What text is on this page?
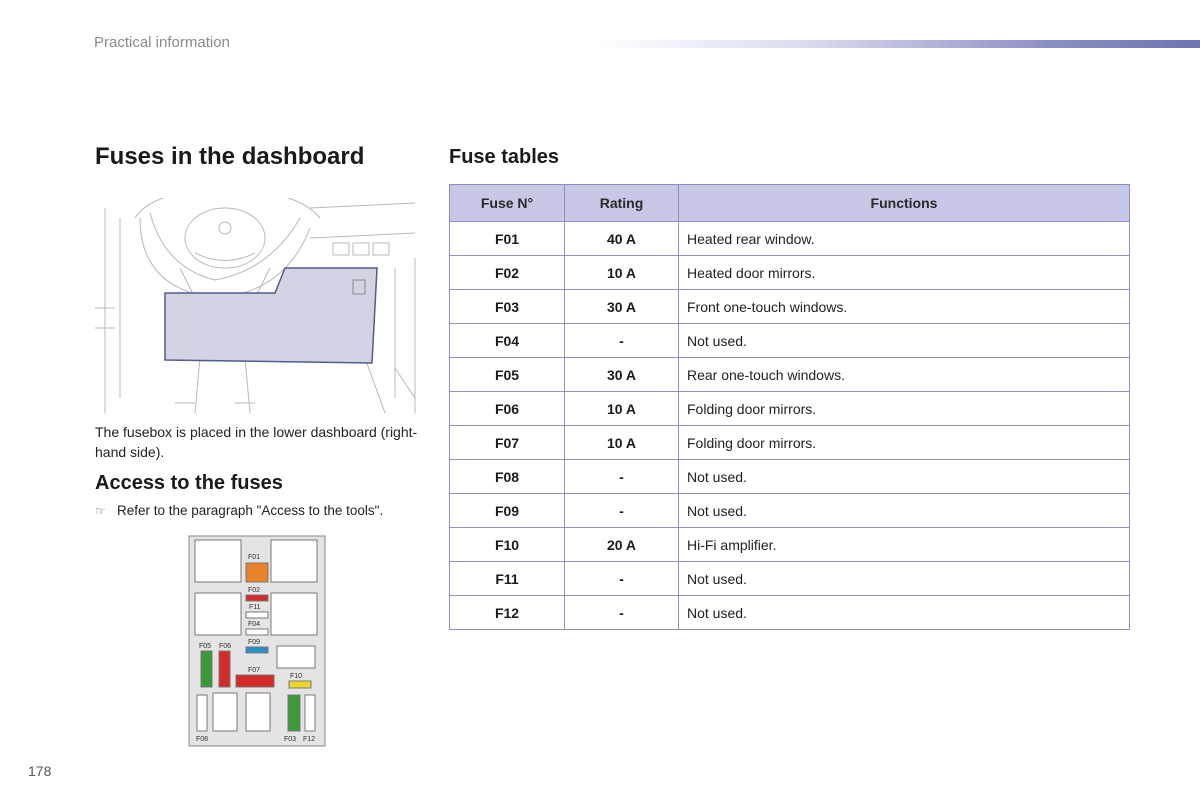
Practical information
Fuses in the dashboard
The fusebox is placed in the lower dashboard (right-hand side).
Access to the fuses
☞ Refer to the paragraph "Access to the tools".
F01
F02
F11
F04
F09
F05 F06
F07
F10
F08	F03 F12
Fuse tables
Fuse N°	Rating	Functions
F01	40 A	Heated rear window.
F02	10 A	Heated door mirrors.
F03	30 A	Front one-touch windows.
F04	-	Not used.
F05	30 A	Rear one-touch windows.
F06	10 A	Folding door mirrors.
F07	10 A	Folding door mirrors.
F08	-	Not used.
F09	-	Not used.
F10	20 A	Hi-Fi amplifier.
F11	-	Not used.
F12	-	Not used.
178
